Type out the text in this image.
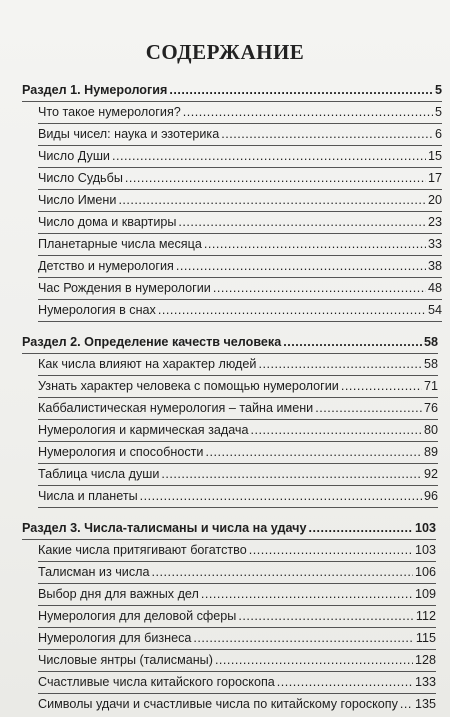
СОДЕРЖАНИЕ
Раздел 1. Нумерология .....	5
Что такое нумерология? .....	5
Виды чисел: наука и эзотерика .....	6
Число Души .....	15
Число Судьбы .....	17
Число Имени .....	20
Число дома и квартиры .....	23
Планетарные числа месяца .....	33
Детство и нумерология .....	38
Час Рождения в нумерологии .....	48
Нумерология в снах .....	54
Раздел 2. Определение качеств человека .....	58
Как числа влияют на характер людей .....	58
Узнать характер человека с помощью нумерологии .....	71
Каббалистическая нумерология – тайна имени .....	76
Нумерология и кармическая задача .....	80
Нумерология и способности .....	89
Таблица числа души .....	92
Числа и планеты .....	96
Раздел 3. Числа-талисманы и числа на удачу .....	103
Какие числа притягивают богатство .....	103
Талисман из числа .....	106
Выбор дня для важных дел .....	109
Нумерология для деловой сферы .....	112
Нумерология для бизнеса .....	115
Числовые янтры (талисманы) .....	128
Счастливые числа китайского гороскопа .....	133
Символы удачи и счастливые числа по китайскому гороскопу ..... 135
